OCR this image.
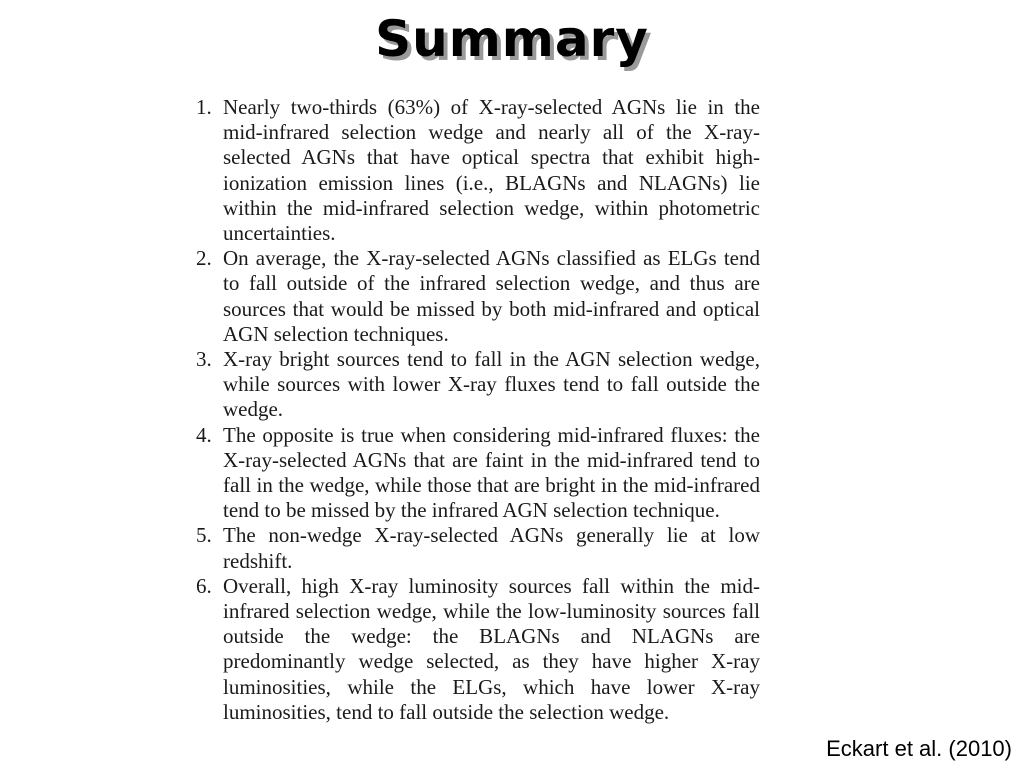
Summary
1. Nearly two-thirds (63%) of X-ray-selected AGNs lie in the mid-infrared selection wedge and nearly all of the X-ray-selected AGNs that have optical spectra that exhibit high-ionization emission lines (i.e., BLAGNs and NLAGNs) lie within the mid-infrared selection wedge, within photometric uncertainties.
2. On average, the X-ray-selected AGNs classified as ELGs tend to fall outside of the infrared selection wedge, and thus are sources that would be missed by both mid-infrared and optical AGN selection techniques.
3. X-ray bright sources tend to fall in the AGN selection wedge, while sources with lower X-ray fluxes tend to fall outside the wedge.
4. The opposite is true when considering mid-infrared fluxes: the X-ray-selected AGNs that are faint in the mid-infrared tend to fall in the wedge, while those that are bright in the mid-infrared tend to be missed by the infrared AGN selection technique.
5. The non-wedge X-ray-selected AGNs generally lie at low redshift.
6. Overall, high X-ray luminosity sources fall within the mid-infrared selection wedge, while the low-luminosity sources fall outside the wedge: the BLAGNs and NLAGNs are predominantly wedge selected, as they have higher X-ray luminosities, while the ELGs, which have lower X-ray luminosities, tend to fall outside the selection wedge.
Eckart et al. (2010)
